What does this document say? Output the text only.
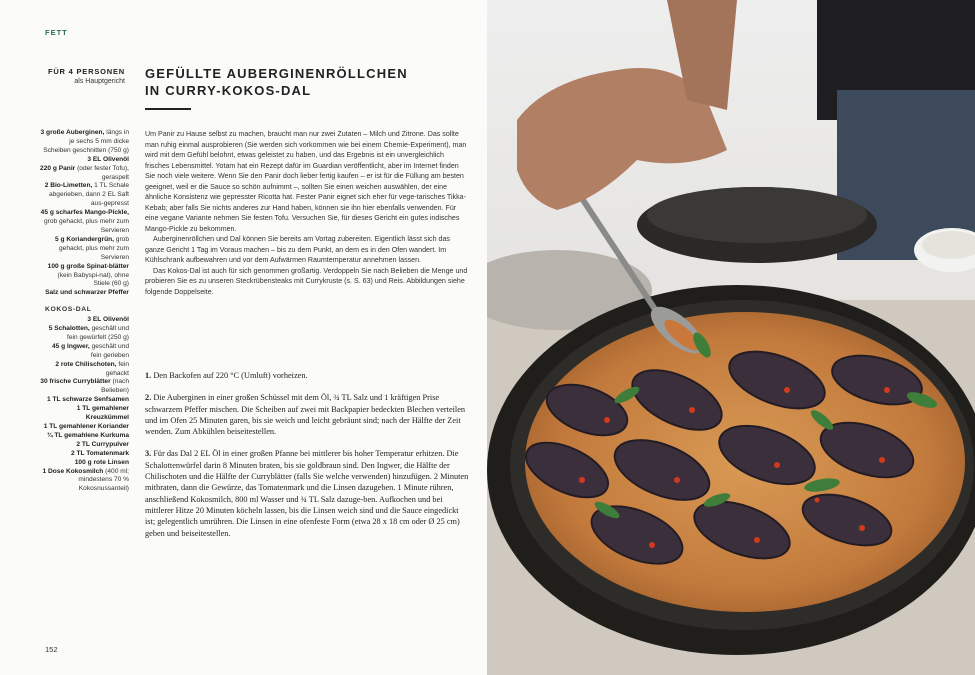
FETT
FÜR 4 PERSONEN
als Hauptgericht
GEFÜLLTE AUBERGINENRÖLLCHEN
IN CURRY-KOKOS-DAL

3 große Auberginen, längs in je sechs 5 mm dicke Scheiben geschnitten (750 g)

3 EL Olivenöl

220 g Panir (oder fester Tofu), geraspelt

2 Bio-Limetten, 1 TL Schale abgerieben, dann 2 EL Saft aus-gepresst

45 g scharfes Mango-Pickle, grob gehackt, plus mehr zum Servieren

5 g Koriandergrün, grob gehackt, plus mehr zum Servieren

100 g große Spinat-blätter (kein Babyspi-nat), ohne Stiele (60 g)

Salz und schwarzer Pfeffer

KOKOS-DAL

3 EL Olivenöl

5 Schalotten, geschält und fein gewürfelt (250 g)

45 g Ingwer, geschält und fein gerieben

2 rote Chilischoten, fein gehackt

30 frische Curryblätter (nach Belieben)

1 TL schwarze Senfsamen

1 TL gemahlener Kreuzkümmel

1 TL gemahlener Koriander

¾ TL gemahlene Kurkuma

2 TL Currypulver

2 TL Tomatenmark

100 g rote Linsen

1 Dose Kokosmilch (400 ml; mindestens 70 % Kokosnussanteil)

Um Panir zu Hause selbst zu machen, braucht man nur zwei Zutaten – Milch und Zitrone. Das sollte man ruhig einmal ausprobieren (Sie werden sich vorkommen wie bei einem Chemie-Experiment), man wird mit dem Gefühl belohnt, etwas geleistet zu haben, und das Ergebnis ist ein unvergleichlich frisches Lebensmittel. Yotam hat ein Rezept dafür im Guardian veröffentlicht, aber im Internet finden Sie noch viele weitere. Wenn Sie den Panir doch lieber fertig kaufen – er ist für die Füllung am besten geeignet, weil er die Sauce so schön aufnimmt –, sollten Sie einen weichen auswählen, der eine ähnliche Konsistenz wie gepresster Ricotta hat. Fester Panir eignet sich eher für vege-tarisches Tikka-Kebab; aber falls Sie nichts anderes zur Hand haben, können sie ihn hier ebenfalls verwenden. Für eine vegane Variante nehmen Sie festen Tofu. Versuchen Sie, für dieses Gericht ein gutes indisches Mango-Pickle zu bekommen.

Auberginenröllchen und Dal können Sie bereits am Vortag zubereiten. Eigentlich lässt sich das ganze Gericht 1 Tag im Voraus machen – bis zu dem Punkt, an dem es in den Ofen wandert. Im Kühlschrank aufbewahren und vor dem Aufwärmen Raumtemperatur annehmen lassen.

Das Kokos-Dal ist auch für sich genommen großartig. Verdoppeln Sie nach Belieben die Menge und probieren Sie es zu unseren Steckrübensteaks mit Currykruste (s. S. 63) und Reis. Abbildungen siehe folgende Doppelseite.

1. Den Backofen auf 220 °C (Umluft) vorheizen.

2. Die Auberginen in einer großen Schüssel mit dem Öl, ¾ TL Salz und 1 kräftigen Prise schwarzem Pfeffer mischen. Die Scheiben auf zwei mit Backpapier bedeckten Blechen verteilen und im Ofen 25 Minuten garen, bis sie weich und leicht gebräunt sind; nach der Hälfte der Zeit wenden. Zum Abkühlen beiseitestellen.

3. Für das Dal 2 EL Öl in einer großen Pfanne bei mittlerer bis hoher Temperatur erhitzen. Die Schalottenwürfel darin 8 Minuten braten, bis sie goldbraun sind. Den Ingwer, die Hälfte der Chilischoten und die Hälfte der Curryblätter (falls Sie welche verwenden) hinzufügen. 2 Minuten mitbraten, dann die Gewürze, das Tomatenmark und die Linsen dazugeben. 1 Minute rühren, anschließend Kokosmilch, 800 ml Wasser und ¾ TL Salz dazuge-ben. Aufkochen und bei mittlerer Hitze 20 Minuten köcheln lassen, bis die Linsen weich sind und die Sauce eingedickt ist; gelegentlich umrühren. Die Linsen in eine ofenfeste Form (etwa 28 x 18 cm oder Ø 25 cm) geben und beiseitestellen.

152
